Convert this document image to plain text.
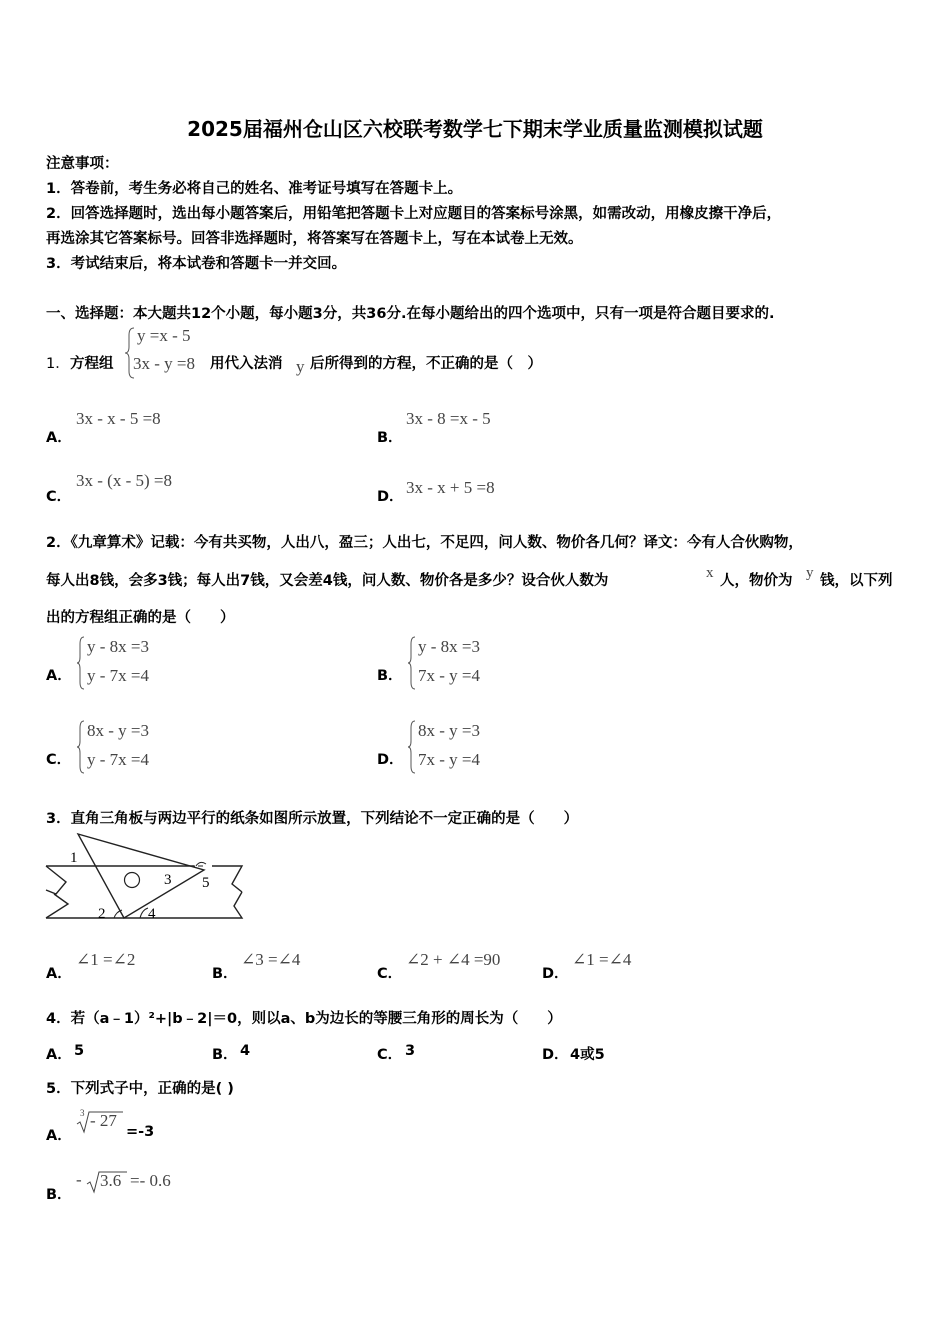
2025届福州仓山区六校联考数学七下期末学业质量监测模拟试题
注意事项：
1．答卷前，考生务必将自己的姓名、准考证号填写在答题卡上。
2．回答选择题时，选出每小题答案后，用铅笔把答题卡上对应题目的答案标号涂黑，如需改动，用橡皮擦干净后，
再选涂其它答案标号。回答非选择题时，将答案写在答题卡上，写在本试卷上无效。
3．考试结束后，将本试卷和答题卡一并交回。
一、选择题：本大题共12个小题，每小题3分，共36分.在每小题给出的四个选项中，只有一项是符合题目要求的.
1． 方程组
y =x - 5
3x - y =8 用代入法消 y 后所得到的方程，不正确的是（　）
A．
3x - x - 5 =8
B．
3x - 8 =x - 5
C．
3x - (x - 5) =8
D． 3x - x + 5 =8
2．《九章算术》记载：今有共买物，人出八，盈三；人出七，不足四，问人数、物价各几何？译文：今有人合伙购物，
每人出8钱，会多3钱；每人出7钱，又会差4钱，问人数、物价各是多少？设合伙人数为	x 人，物价为 y 钱，以下列
出的方程组正确的是（　　）
A．
y - 8x =3
y - 7x =4	B．
y - 8x =3
7x - y =4
C．
8x - y =3
y - 7x =4	D．
8x - y =3
7x - y =4
3．直角三角板与两边平行的纸条如图所示放置，下列结论不一定正确的是（　　）
1
2
3
4
5
A．
∠1 =∠2
B．
∠3 =∠4
C．
∠2 + ∠4 =90
D．
∠1 =∠4
4．若（a﹣1）²+|b﹣2|＝0，则以a、b为边长的等腰三角形的周长为（　　）
A． 5	B． 4	C． 3	D． 4或5
5．下列式子中，正确的是( )
A．
3 - 27
=-3
B．
- 3.6 =- 0.6
